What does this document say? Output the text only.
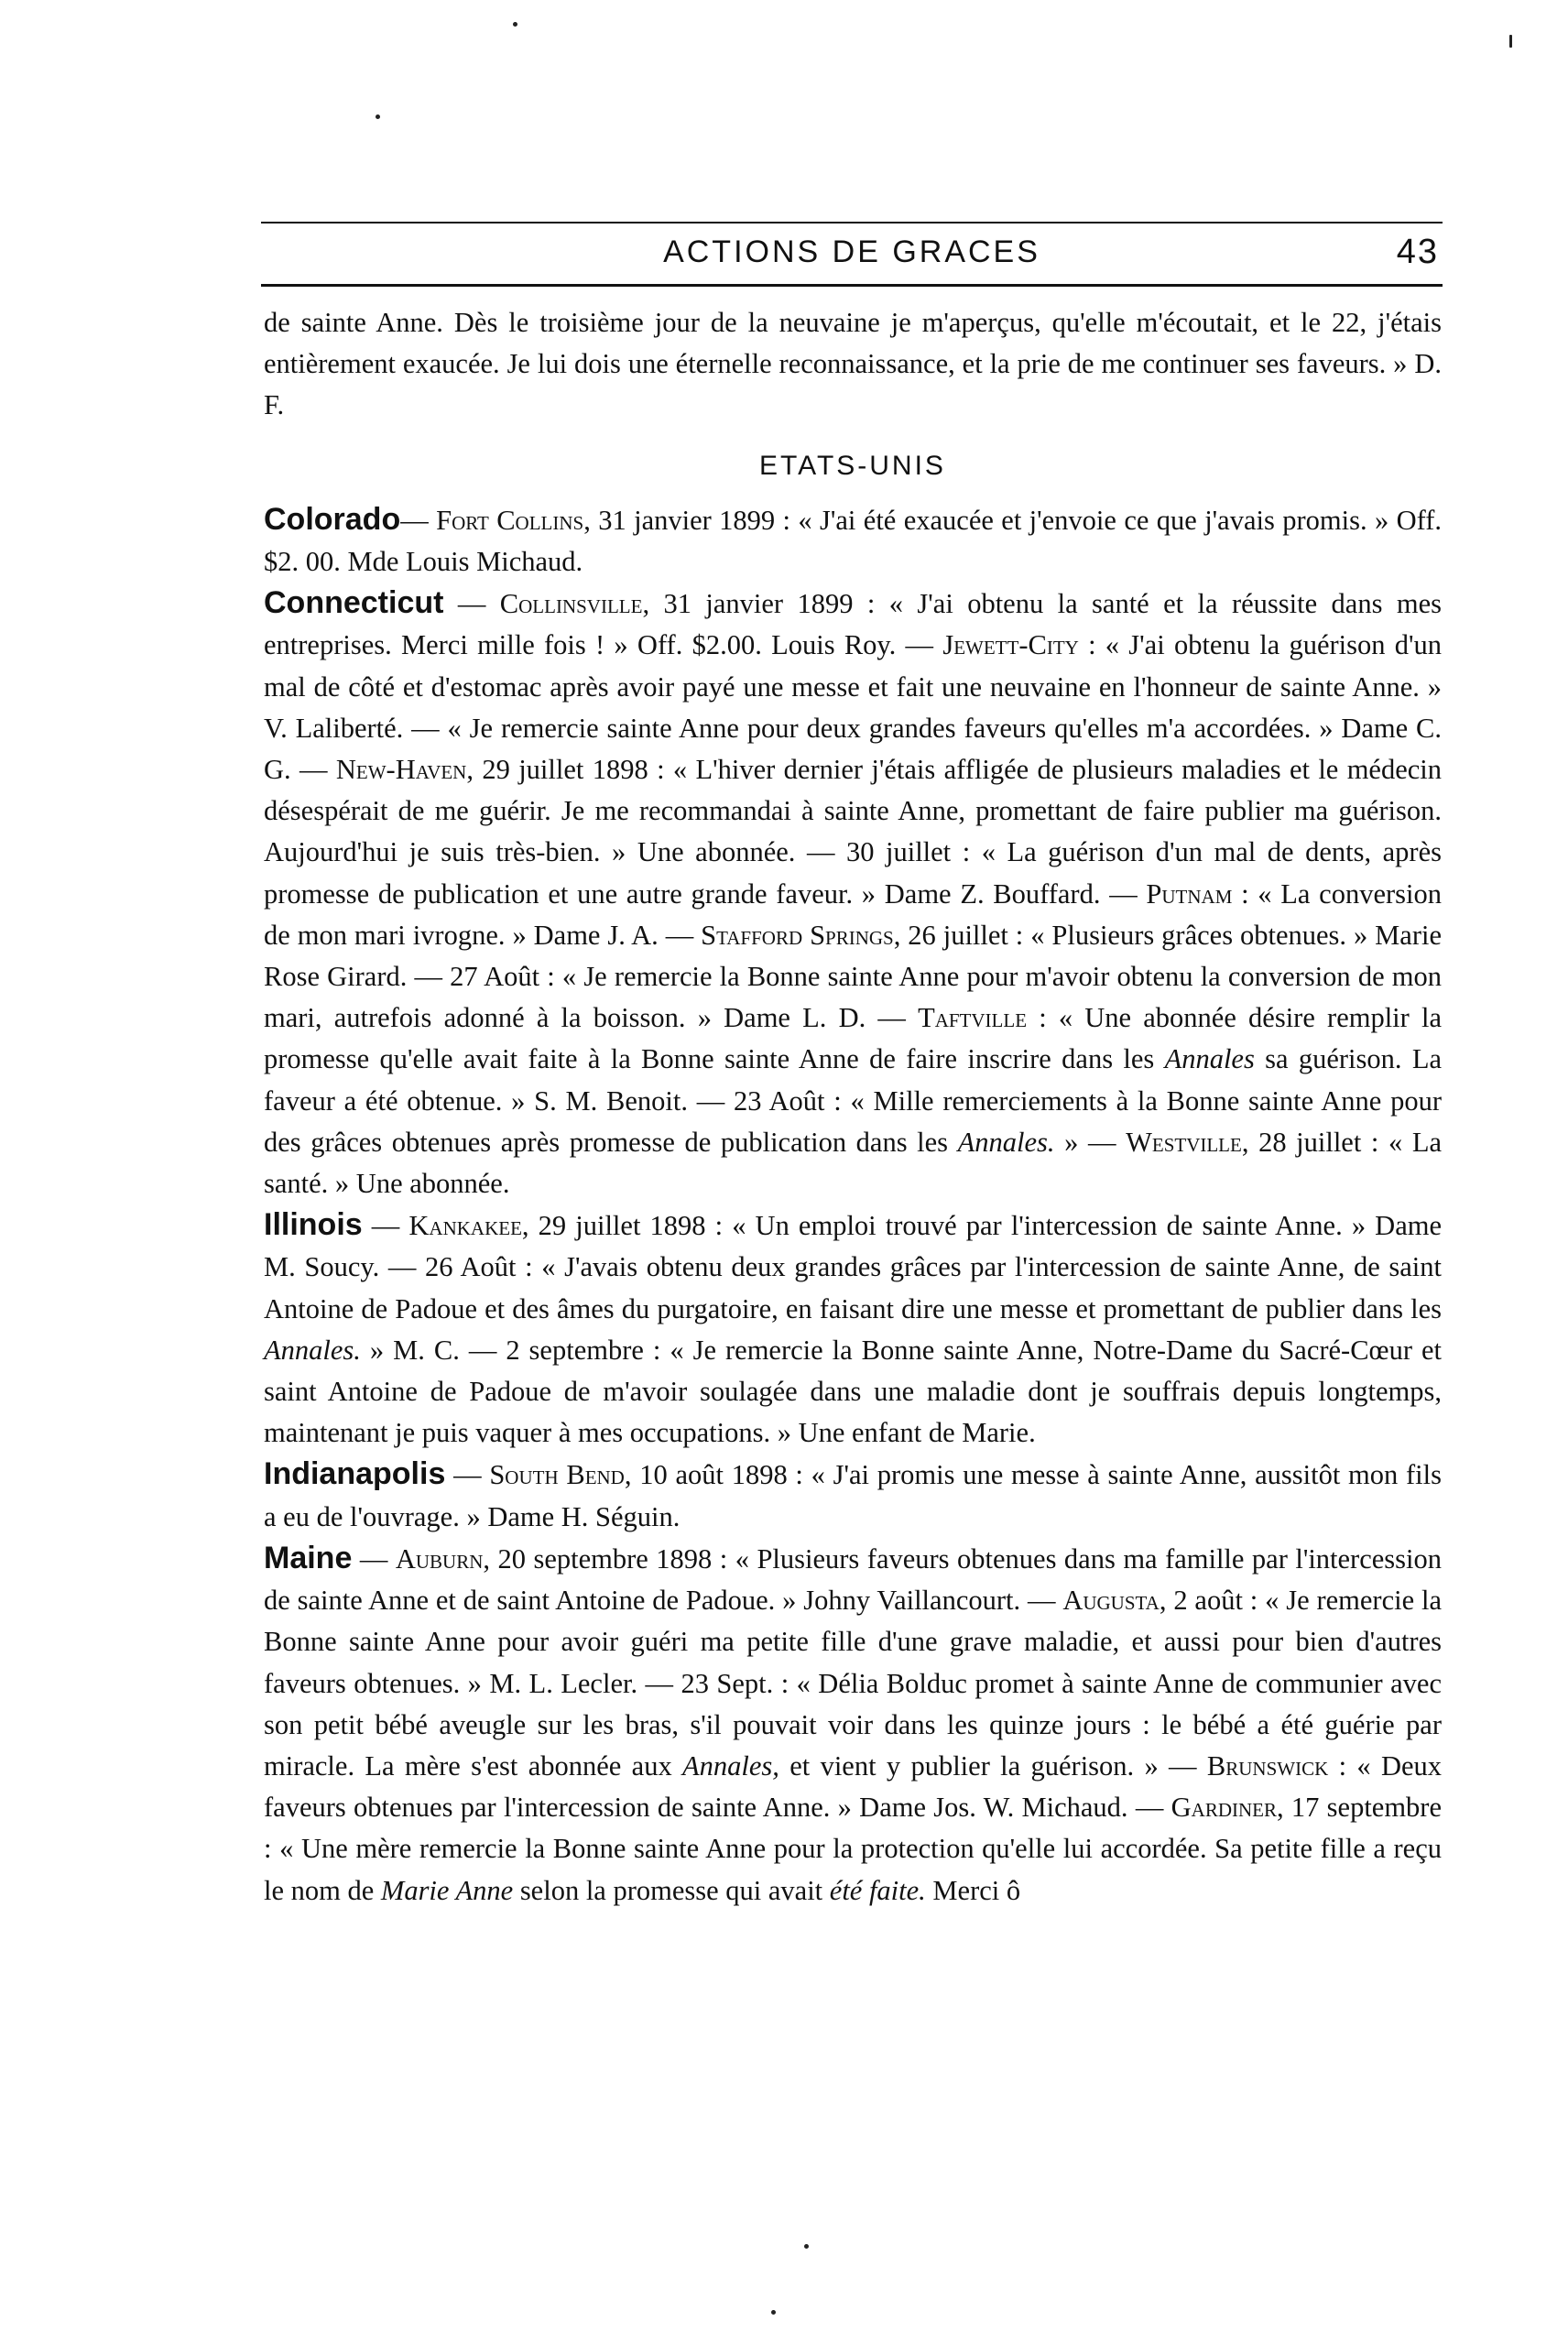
ACTIONS DE GRACES	43

de sainte Anne. Dès le troisième jour de la neuvaine je m'aperçus, qu'elle m'écoutait, et le 22, j'étais entièrement exaucée. Je lui dois une éternelle reconnaissance, et la prie de me continuer ses faveurs. » D. F.

ETATS-UNIS

Colorado— Fort Collins, 31 janvier 1899 : « J'ai été exaucée et j'envoie ce que j'avais promis. » Off. $2. 00. Mde Louis Michaud.

Connecticut — Collinsville, 31 janvier 1899 : « J'ai obtenu la santé et la réussite dans mes entreprises. Merci mille fois ! » Off. $2.00. Louis Roy. — Jewett-City : « J'ai obtenu la guérison d'un mal de côté et d'estomac après avoir payé une messe et fait une neuvaine en l'honneur de sainte Anne. » V. Laliberté. — « Je remercie sainte Anne pour deux grandes faveurs qu'elles m'a accordées. » Dame C. G. — New-Haven, 29 juillet 1898 : « L'hiver dernier j'étais affligée de plusieurs maladies et le médecin désespérait de me guérir. Je me recommandai à sainte Anne, promettant de faire publier ma guérison. Aujourd'hui je suis très-bien. » Une abonnée. — 30 juillet : « La guérison d'un mal de dents, après promesse de publication et une autre grande faveur. » Dame Z. Bouffard. — Putnam : « La conversion de mon mari ivrogne. » Dame J. A. — Stafford Springs, 26 juillet : « Plusieurs grâces obtenues. » Marie Rose Girard. — 27 Août : « Je remercie la Bonne sainte Anne pour m'avoir obtenu la conversion de mon mari, autrefois adonné à la boisson. » Dame L. D. — Taftville : « Une abonnée désire remplir la promesse qu'elle avait faite à la Bonne sainte Anne de faire inscrire dans les Annales sa guérison. La faveur a été obtenue. » S. M. Benoit. — 23 Août : « Mille remerciements à la Bonne sainte Anne pour des grâces obtenues après promesse de publication dans les Annales. » — Westville, 28 juillet : « La santé. » Une abonnée.

Illinois — Kankakee, 29 juillet 1898 : « Un emploi trouvé par l'intercession de sainte Anne. » Dame M. Soucy. — 26 Août : « J'avais obtenu deux grandes grâces par l'intercession de sainte Anne, de saint Antoine de Padoue et des âmes du purgatoire, en faisant dire une messe et promettant de publier dans les Annales. » M. C. — 2 septembre : « Je remercie la Bonne sainte Anne, Notre-Dame du Sacré-Cœur et saint Antoine de Padoue de m'avoir soulagée dans une maladie dont je souffrais depuis longtemps, maintenant je puis vaquer à mes occupations. » Une enfant de Marie.

Indianapolis — South Bend, 10 août 1898 : « J'ai promis une messe à sainte Anne, aussitôt mon fils a eu de l'ouvrage. » Dame H. Séguin.

Maine — Auburn, 20 septembre 1898 : « Plusieurs faveurs obtenues dans ma famille par l'intercession de sainte Anne et de saint Antoine de Padoue. » Johny Vaillancourt. — Augusta, 2 août : « Je remercie la Bonne sainte Anne pour avoir guéri ma petite fille d'une grave maladie, et aussi pour bien d'autres faveurs obtenues. » M. L. Lecler. — 23 Sept. : « Délia Bolduc promet à sainte Anne de communier avec son petit bébé aveugle sur les bras, s'il pouvait voir dans les quinze jours : le bébé a été guérie par miracle. La mère s'est abonnée aux Annales, et vient y publier la guérison. » — Brunswick : « Deux faveurs obtenues par l'intercession de sainte Anne. » Dame Jos. W. Michaud. — Gardiner, 17 septembre : « Une mère remercie la Bonne sainte Anne pour la protection qu'elle lui accordée. Sa petite fille a reçu le nom de Marie Anne selon la promesse qui avait été faite. Merci ô
